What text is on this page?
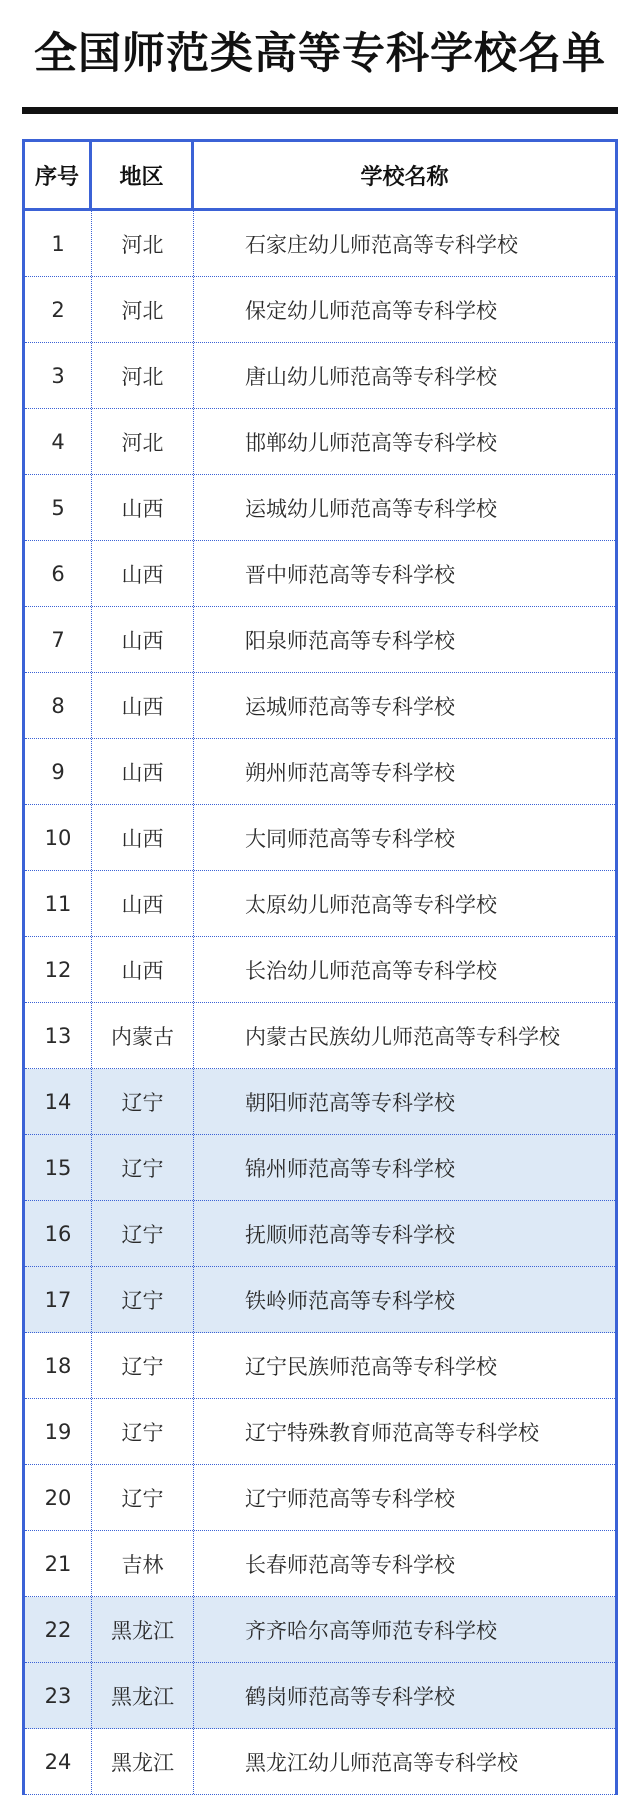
全国师范类高等专科学校名单
序号	地区	学校名称
1	河北	石家庄幼儿师范高等专科学校
2	河北	保定幼儿师范高等专科学校
3	河北	唐山幼儿师范高等专科学校
4	河北	邯郸幼儿师范高等专科学校
5	山西	运城幼儿师范高等专科学校
6	山西	晋中师范高等专科学校
7	山西	阳泉师范高等专科学校
8	山西	运城师范高等专科学校
9	山西	朔州师范高等专科学校
10	山西	大同师范高等专科学校
11	山西	太原幼儿师范高等专科学校
12	山西	长治幼儿师范高等专科学校
13	内蒙古	内蒙古民族幼儿师范高等专科学校
14	辽宁	朝阳师范高等专科学校
15	辽宁	锦州师范高等专科学校
16	辽宁	抚顺师范高等专科学校
17	辽宁	铁岭师范高等专科学校
18	辽宁	辽宁民族师范高等专科学校
19	辽宁	辽宁特殊教育师范高等专科学校
20	辽宁	辽宁师范高等专科学校
21	吉林	长春师范高等专科学校
22	黑龙江	齐齐哈尔高等师范专科学校
23	黑龙江	鹤岗师范高等专科学校
24	黑龙江	黑龙江幼儿师范高等专科学校
